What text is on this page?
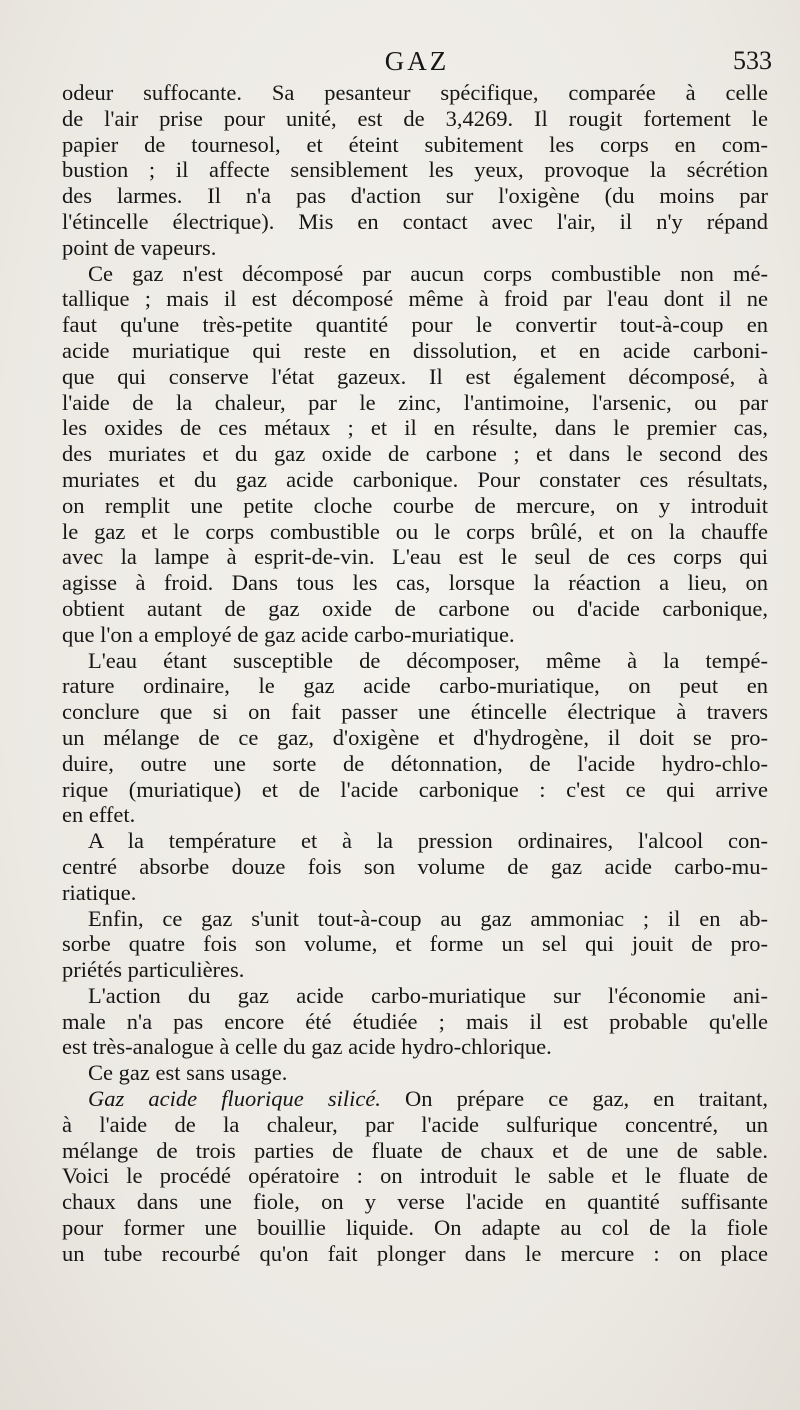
GAZ	533
odeur suffocante. Sa pesanteur spécifique, comparée à celle
de l'air prise pour unité, est de 3,4269. Il rougit fortement le
papier de tournesol, et éteint subitement les corps en com-
bustion ; il affecte sensiblement les yeux, provoque la sécrétion
des larmes. Il n'a pas d'action sur l'oxigène (du moins par
l'étincelle électrique). Mis en contact avec l'air, il n'y répand
point de vapeurs.
Ce gaz n'est décomposé par aucun corps combustible non mé-
tallique ; mais il est décomposé même à froid par l'eau dont il ne
faut qu'une très-petite quantité pour le convertir tout-à-coup en
acide muriatique qui reste en dissolution, et en acide carboni-
que qui conserve l'état gazeux. Il est également décomposé, à
l'aide de la chaleur, par le zinc, l'antimoine, l'arsenic, ou par
les oxides de ces métaux ; et il en résulte, dans le premier cas,
des muriates et du gaz oxide de carbone ; et dans le second des
muriates et du gaz acide carbonique. Pour constater ces résultats,
on remplit une petite cloche courbe de mercure, on y introduit
le gaz et le corps combustible ou le corps brûlé, et on la chauffe
avec la lampe à esprit-de-vin. L'eau est le seul de ces corps qui
agisse à froid. Dans tous les cas, lorsque la réaction a lieu, on
obtient autant de gaz oxide de carbone ou d'acide carbonique,
que l'on a employé de gaz acide carbo-muriatique.
L'eau étant susceptible de décomposer, même à la tempé-
rature ordinaire, le gaz acide carbo-muriatique, on peut en
conclure que si on fait passer une étincelle électrique à travers
un mélange de ce gaz, d'oxigène et d'hydrogène, il doit se pro-
duire, outre une sorte de détonnation, de l'acide hydro-chlo-
rique (muriatique) et de l'acide carbonique : c'est ce qui arrive
en effet.
A la température et à la pression ordinaires, l'alcool con-
centré absorbe douze fois son volume de gaz acide carbo-mu-
riatique.
Enfin, ce gaz s'unit tout-à-coup au gaz ammoniac ; il en ab-
sorbe quatre fois son volume, et forme un sel qui jouit de pro-
priétés particulières.
L'action du gaz acide carbo-muriatique sur l'économie ani-
male n'a pas encore été étudiée ; mais il est probable qu'elle
est très-analogue à celle du gaz acide hydro-chlorique.
Ce gaz est sans usage.
Gaz acide fluorique silicé. On prépare ce gaz, en traitant,
à l'aide de la chaleur, par l'acide sulfurique concentré, un
mélange de trois parties de fluate de chaux et de une de sable.
Voici le procédé opératoire : on introduit le sable et le fluate de
chaux dans une fiole, on y verse l'acide en quantité suffisante
pour former une bouillie liquide. On adapte au col de la fiole
un tube recourbé qu'on fait plonger dans le mercure : on place
